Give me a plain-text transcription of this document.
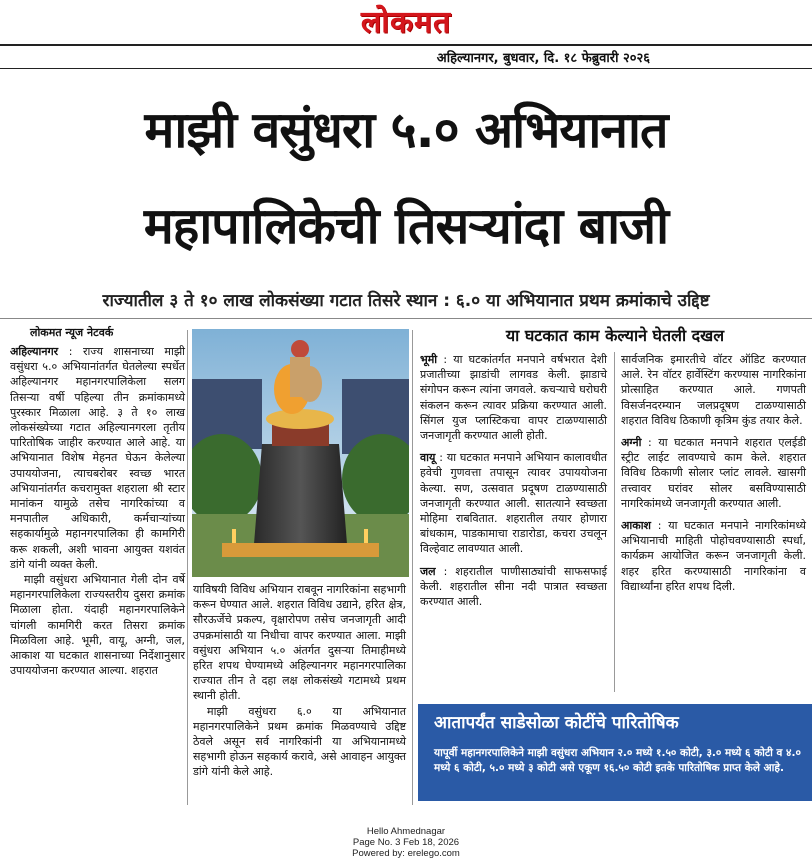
लोकमत
अहिल्यानगर, बुधवार, दि. १८ फेब्रुवारी २०२६
माझी वसुंधरा ५.० अभियानात
महापालिकेची तिसऱ्यांदा बाजी
राज्यातील ३ ते १० लाख लोकसंख्या गटात तिसरे स्थान : ६.० या अभियानात प्रथम क्रमांकाचे उद्दिष्ट
लोकमत न्यूज नेटवर्क

अहिल्यानगर : राज्य शासनाच्या माझी वसुंधरा ५.० अभियानांतर्गत घेतलेल्या स्पर्धेत अहिल्यानगर महानगरपालिकेला सलग तिसऱ्या वर्षी पहिल्या तीन क्रमांकामध्ये पुरस्कार मिळाला आहे. ३ ते १० लाख लोकसंख्येच्या गटात अहिल्यानगरला तृतीय पारितोषिक जाहीर करण्यात आले आहे. या अभियानात विशेष मेहनत घेऊन केलेल्या उपाययोजना, त्याचबरोबर स्वच्छ भारत अभियानांतर्गत कचरामुक्त शहराला श्री स्टार मानांकन यामुळे तसेच नागरिकांच्या व मनपातील अधिकारी, कर्मचाऱ्यांच्या सहकार्यामुळे महानगरपालिका ही कामगिरी करू शकली, अशी भावना आयुक्त यशवंत डांगे यांनी व्यक्त केली.

माझी वसुंधरा अभियानात गेली दोन वर्षे महानगरपालिकेला राज्यस्तरीय दुसरा क्रमांक मिळाला होता. यंदाही महानगरपालिकेने चांगली कामगिरी करत तिसरा क्रमांक मिळविला आहे. भूमी, वायू, अग्नी, जल, आकाश या घटकात शासनाच्या निर्देशानुसार उपाययोजना करण्यात आल्या. शहरात

याविषयी विविध अभियान राबवून नागरिकांना सहभागी करून घेण्यात आले. शहरात विविध उद्याने, हरित क्षेत्र, सौरऊर्जेचे प्रकल्प, वृक्षारोपण तसेच जनजागृती आदी उपक्रमांसाठी या निधीचा वापर करण्यात आला. माझी वसुंधरा अभियान ५.० अंतर्गत दुसऱ्या तिमाहीमध्ये हरित शपथ घेण्यामध्ये अहिल्यानगर महानगरपालिका राज्यात तीन ते दहा लक्ष लोकसंख्ये गटामध्ये प्रथम स्थानी होती.

माझी वसुंधरा ६.० या अभियानात महानगरपालिकेने प्रथम क्रमांक मिळवण्याचे उद्दिष्ट ठेवले असून सर्व नागरिकांनी या अभियानामध्ये सहभागी होऊन सहकार्य करावे, असे आवाहन आयुक्त डांगे यांनी केले आहे.

या घटकात काम केल्याने घेतली दखल

भूमी : या घटकांतर्गत मनपाने वर्षभरात देशी प्रजातीच्या झाडांची लागवड केली. झाडाचे संगोपन करून त्यांना जगवले. कचऱ्याचे घरोघरी संकलन करून त्यावर प्रक्रिया करण्यात आली. सिंगल युज प्लास्टिकचा वापर टाळण्यासाठी जनजागृती करण्यात आली होती.

वायू : या घटकात मनपाने अभियान कालावधीत हवेची गुणवत्ता तपासून त्यावर उपाययोजना केल्या. सण, उत्सवात प्रदूषण टाळण्यासाठी जनजागृती करण्यात आली. सातत्याने स्वच्छता मोहिमा राबवितात. शहरातील तयार होणारा बांधकाम, पाडकामाचा राडारोडा, कचरा उचलून विल्हेवाट लावण्यात आली.

जल : शहरातील पाणीसाठ्यांची साफसफाई केली. शहरातील सीना नदी पात्रात स्वच्छता करण्यात आली.

सार्वजनिक इमारतीचे वॉटर ऑडिट करण्यात आले. रेन वॉटर हार्वेस्टिंग करण्यास नागरिकांना प्रोत्साहित करण्यात आले. गणपती विसर्जनदरम्यान जलप्रदूषण टाळण्यासाठी शहरात विविध ठिकाणी कृत्रिम कुंड तयार केले.

अग्नी : या घटकात मनपाने शहरात एलईडी स्ट्रीट लाईट लावण्याचे काम केले. शहरात विविध ठिकाणी सोलार प्लांट लावले. खासगी तत्त्वावर घरांवर सोलर बसविण्यासाठी नागरिकांमध्ये जनजागृती करण्यात आली.

आकाश : या घटकात मनपाने नागरिकांमध्ये अभियानाची माहिती पोहोचवण्यासाठी स्पर्धा, कार्यक्रम आयोजित करून जनजागृती केली. शहर हरित करण्यासाठी नागरिकांना व विद्यार्थ्यांना हरित शपथ दिली.

आतापर्यंत साडेसोळा कोटींचे पारितोषिक
यापूर्वी महानगरपालिकेने माझी वसुंधरा अभियान २.० मध्ये १.५० कोटी, ३.० मध्ये ६ कोटी व ४.० मध्ये ६ कोटी, ५.० मध्ये ३ कोटी असे एकूण १६.५० कोटी इतके पारितोषिक प्राप्त केले आहे.
Hello Ahmednagar
Page No. 3 Feb 18, 2026
Powered by: erelego.com
